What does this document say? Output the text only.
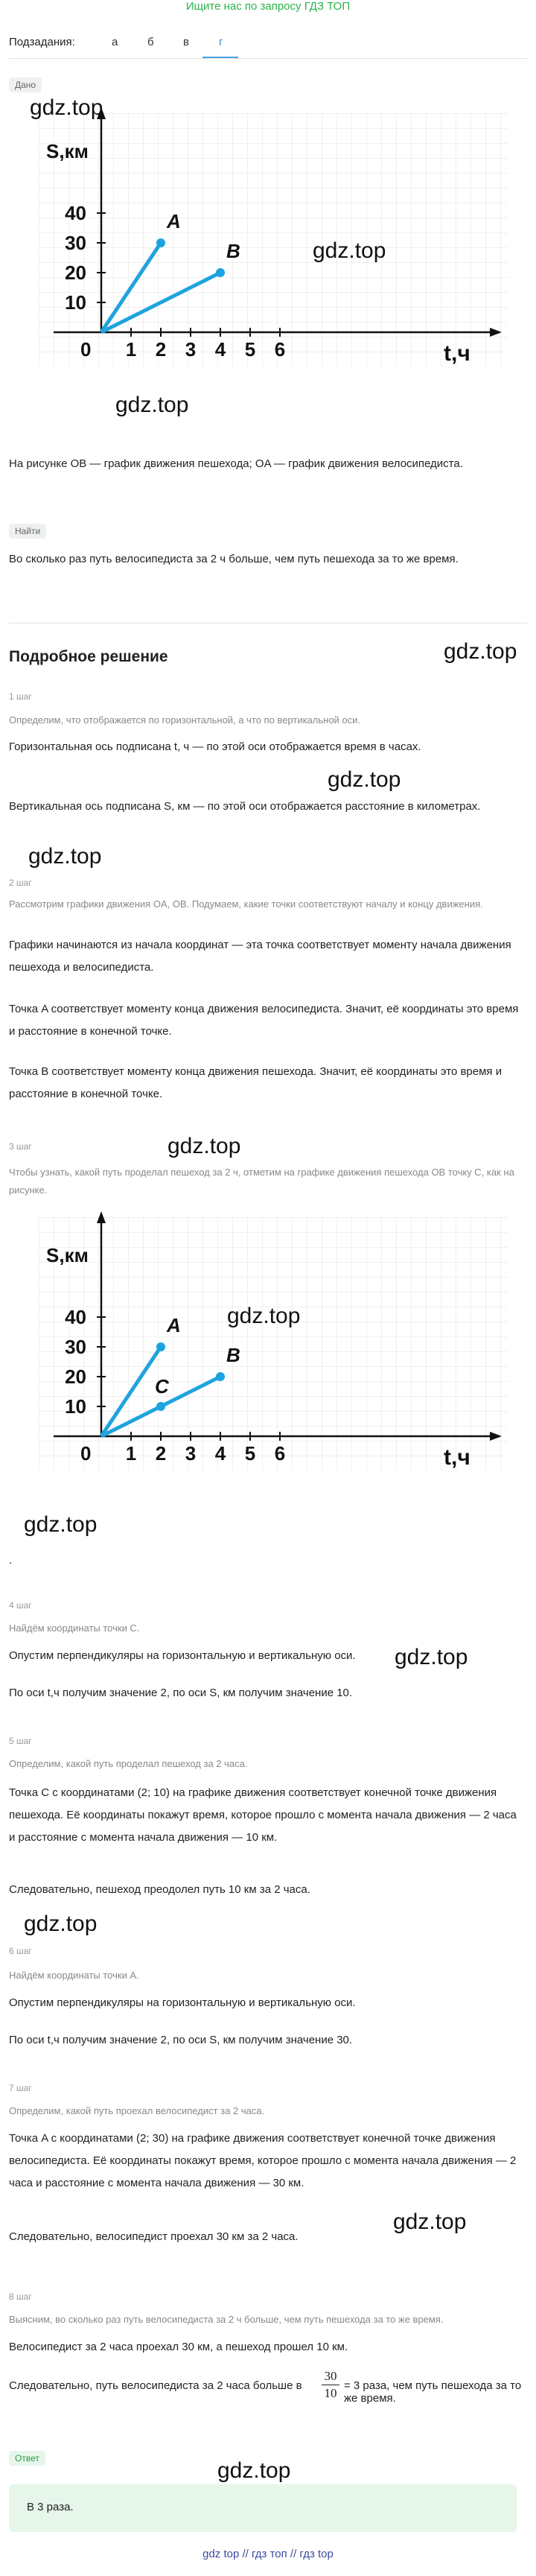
Ищите нас по запросу ГДЗ ТОП
Подзадания:	а	б	в	г
Дано
S,км
t,ч
40
30
20
10
1 2 3 4 5 6
0
A
B
gdz.top
gdz.top
gdz.top
На рисунке OB — график движения пешехода; OA — график движения велосипедиста.
Найти
Во сколько раз путь велосипедиста за 2 ч больше, чем путь пешехода за то же время.
Подробное решение	gdz.top
1 шаг
Определим, что отображается по горизонтальной, а что по вертикальной оси.
Горизонтальная ось подписана t, ч — по этой оси отображается время в часах.
gdz.top
Вертикальная ось подписана S, км — по этой оси отображается расстояние в километрах.
gdz.top
2 шаг
Рассмотрим графики движения OA, OB. Подумаем, какие точки соответствуют началу и концу движения.
Графики начинаются из начала координат — эта точка соответствует моменту начала движения пешехода и велосипедиста.
Точка A соответствует моменту конца движения велосипедиста. Значит, её координаты это время и расстояние в конечной точке.
Точка B соответствует моменту конца движения пешехода. Значит, её координаты это время и расстояние в конечной точке.
3 шаг	gdz.top
Чтобы узнать, какой путь проделал пешеход за 2 ч, отметим на графике движения пешехода OB точку C, как на рисунке.
S,км
t,ч
40
30
20
10
1 2 3 4 5 6
0
A
B
C
gdz.top
gdz.top
.
4 шаг
Найдём координаты точки C.
Опустим перпендикуляры на горизонтальную и вертикальную оси.	gdz.top
По оси t,ч получим значение 2, по оси S, км получим значение 10.
5 шаг
Определим, какой путь проделал пешеход за 2 часа.
Точка C с координатами (2; 10) на графике движения соответствует конечной точке движения пешехода. Её координаты покажут время, которое прошло с момента начала движения — 2 часа и расстояние с момента начала движения — 10 км.
Следовательно, пешеход преодолел путь 10 км за 2 часа.
gdz.top
6 шаг
Найдём координаты точки A.
Опустим перпендикуляры на горизонтальную и вертикальную оси.
По оси t,ч получим значение 2, по оси S, км получим значение 30.
7 шаг
Определим, какой путь проехал велосипедист за 2 часа.
Точка A с координатами (2; 30) на графике движения соответствует конечной точке движения велосипедиста. Её координаты покажут время, которое прошло с момента начала движения — 2 часа и расстояние с момента начала движения — 30 км.
gdz.top
Следовательно, велосипедист проехал 30 км за 2 часа.
8 шаг
Выясним, во сколько раз путь велосипедиста за 2 ч больше, чем путь пешехода за то же время.
Велосипедист за 2 часа проехал 30 км, а пешеход прошел 10 км.
Следовательно, путь велосипедиста за 2 часа больше в $\frac{30}{10} = 3$ раза, чем путь пешехода за то же время.
Ответ	gdz.top
В 3 раза.
gdz top // гдз топ // гдз top
